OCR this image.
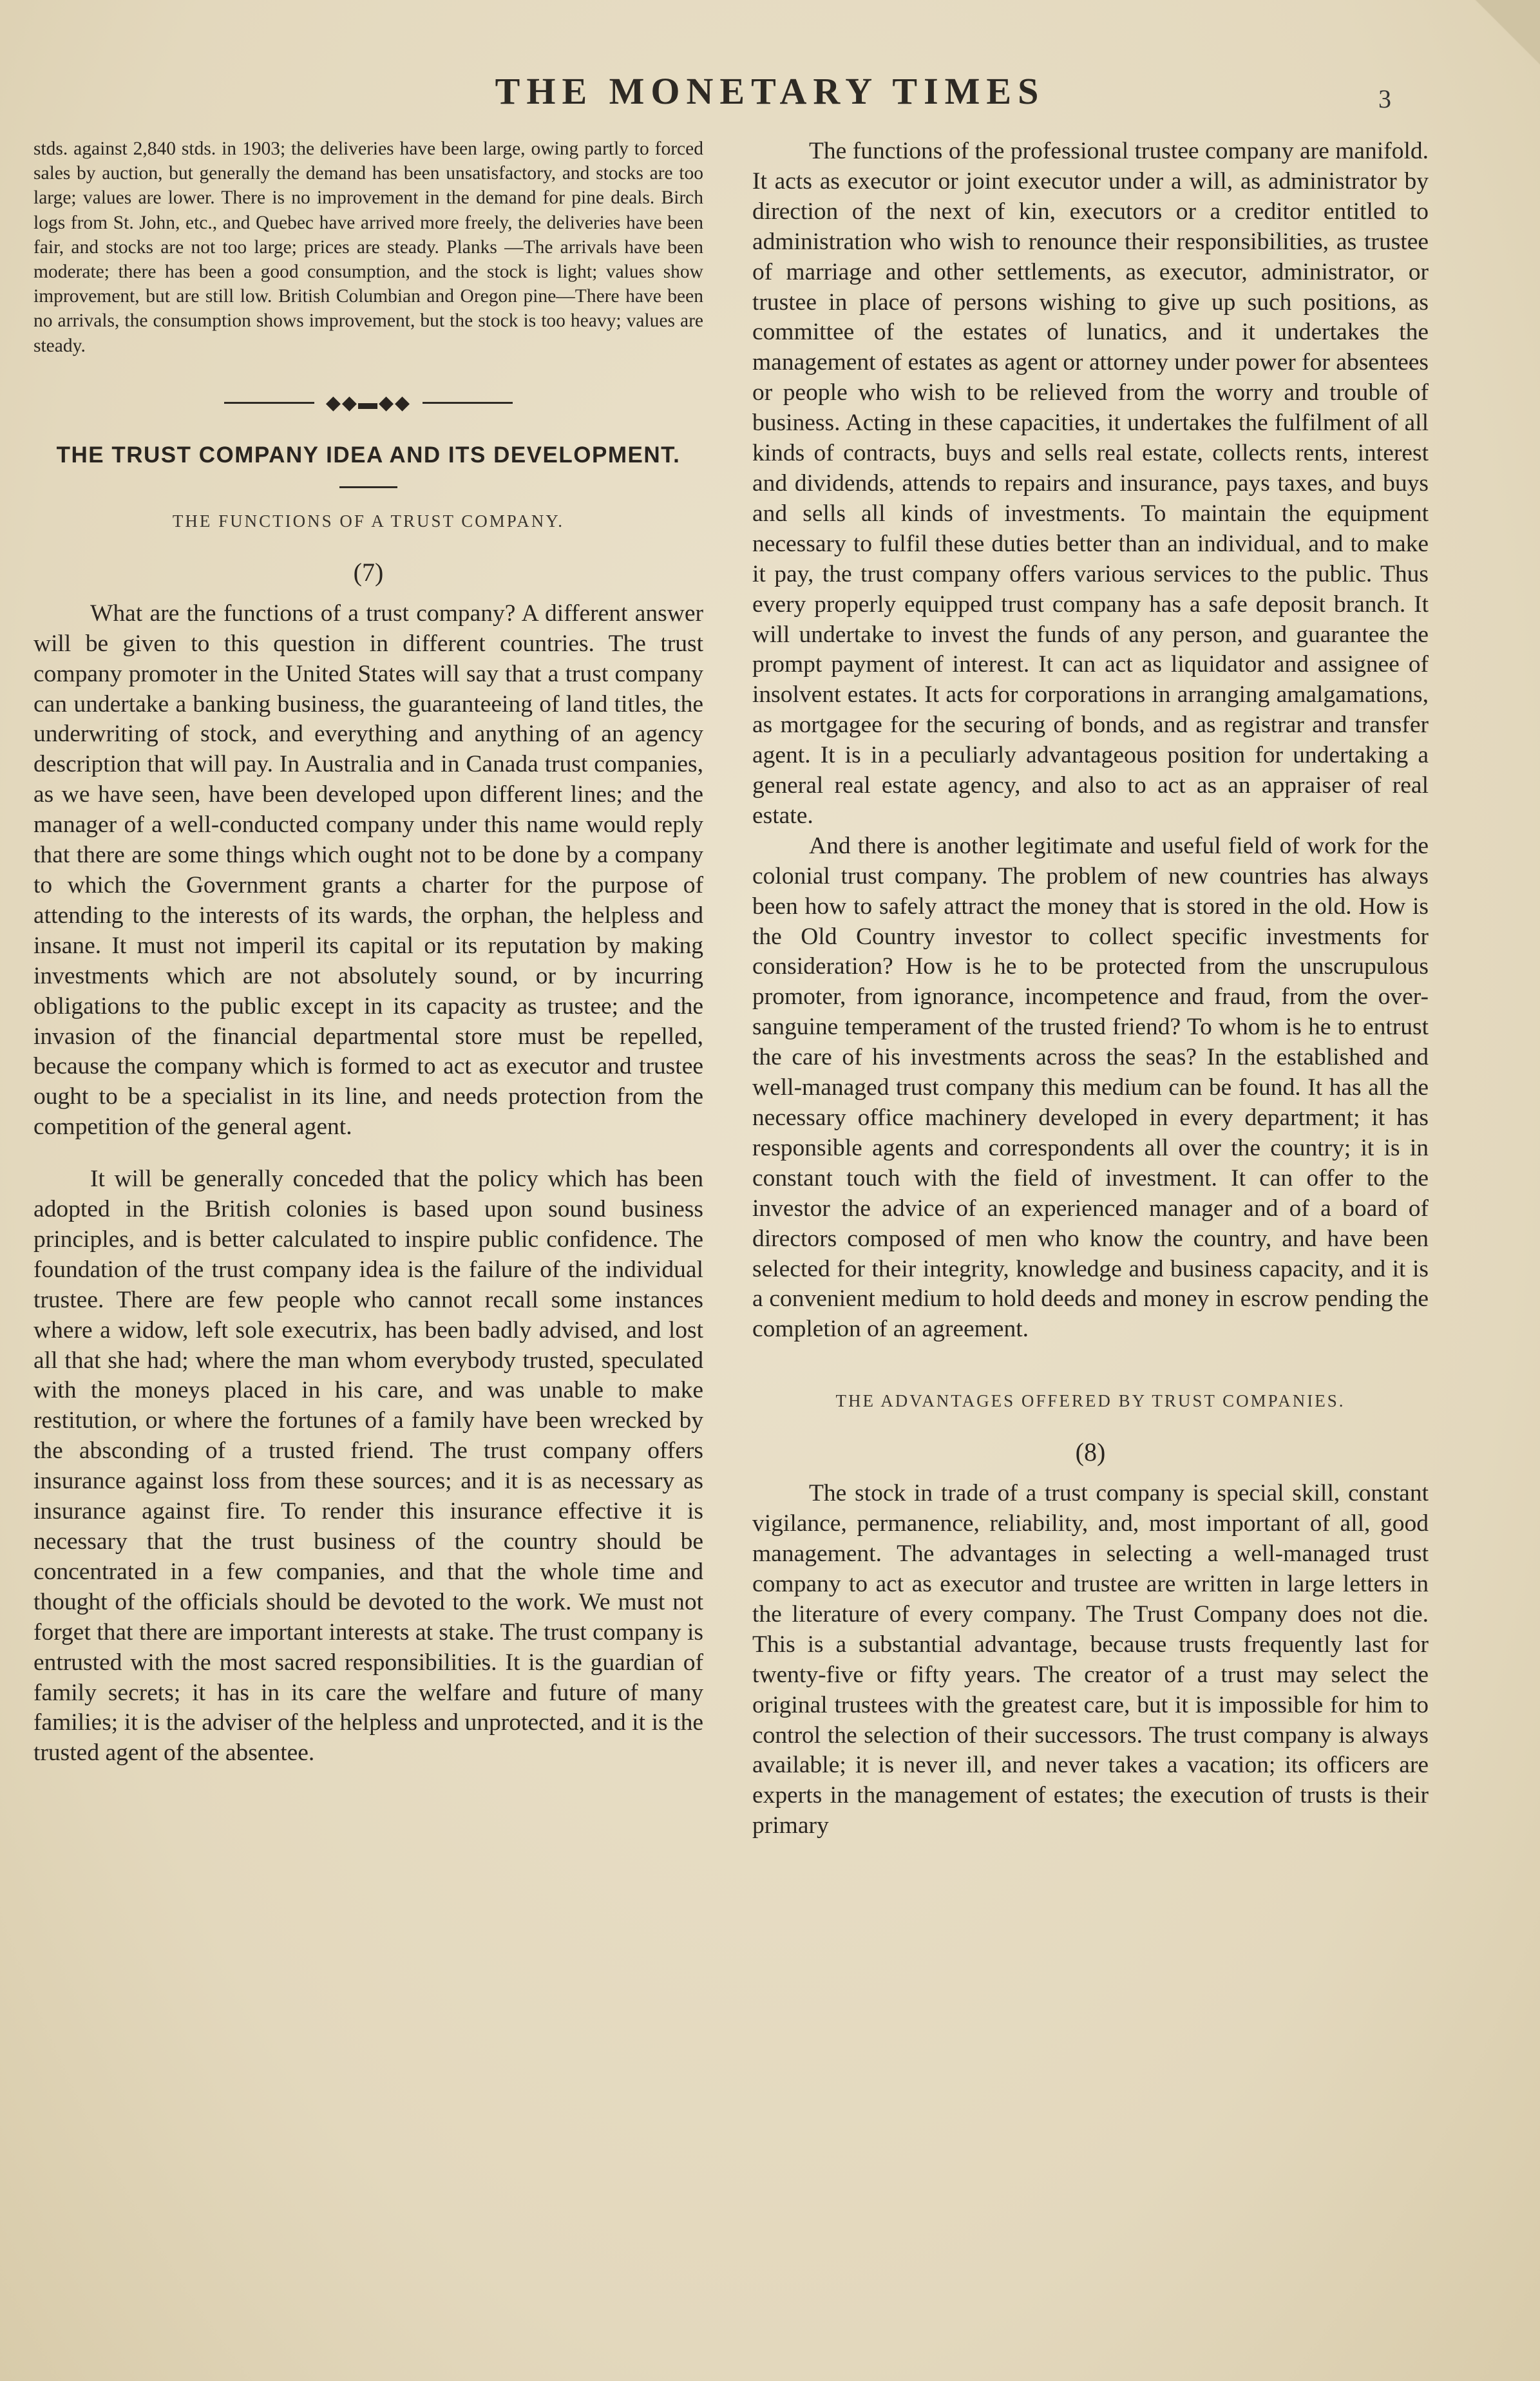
THE MONETARY TIMES	3

stds. against 2,840 stds. in 1903; the deliveries have been large, owing partly to forced sales by auction, but generally the demand has been unsatisfactory, and stocks are too large; values are lower. There is no improvement in the demand for pine deals. Birch logs from St. John, etc., and Quebec have arrived more freely, the deliveries have been fair, and stocks are not too large; prices are steady. Planks —The arrivals have been moderate; there has been a good consumption, and the stock is light; values show improvement, but are still low. British Columbian and Oregon pine—There have been no arrivals, the consumption shows improvement, but the stock is too heavy; values are steady.

◆◆▬◆◆
THE TRUST COMPANY IDEA AND ITS DEVELOPMENT.
THE FUNCTIONS OF A TRUST COMPANY.
(7)

What are the functions of a trust company? A different answer will be given to this question in different countries. The trust company promoter in the United States will say that a trust company can undertake a banking business, the guaranteeing of land titles, the underwriting of stock, and everything and anything of an agency description that will pay. In Australia and in Canada trust companies, as we have seen, have been developed upon different lines; and the manager of a well-conducted company under this name would reply that there are some things which ought not to be done by a company to which the Government grants a charter for the purpose of attending to the interests of its wards, the orphan, the helpless and insane. It must not imperil its capital or its reputation by making investments which are not absolutely sound, or by incurring obligations to the public except in its capacity as trustee; and the invasion of the financial departmental store must be repelled, because the company which is formed to act as executor and trustee ought to be a specialist in its line, and needs protection from the competition of the general agent.

It will be generally conceded that the policy which has been adopted in the British colonies is based upon sound business principles, and is better calculated to inspire public confidence. The foundation of the trust company idea is the failure of the individual trustee. There are few people who cannot recall some instances where a widow, left sole executrix, has been badly advised, and lost all that she had; where the man whom everybody trusted, speculated with the moneys placed in his care, and was unable to make restitution, or where the fortunes of a family have been wrecked by the absconding of a trusted friend. The trust company offers insurance against loss from these sources; and it is as necessary as insurance against fire. To render this insurance effective it is necessary that the trust business of the country should be concentrated in a few companies, and that the whole time and thought of the officials should be devoted to the work. We must not forget that there are important interests at stake. The trust company is entrusted with the most sacred responsibilities. It is the guardian of family secrets; it has in its care the welfare and future of many families; it is the adviser of the helpless and unprotected, and it is the trusted agent of the absentee.

The functions of the professional trustee company are manifold. It acts as executor or joint executor under a will, as administrator by direction of the next of kin, executors or a creditor entitled to administration who wish to renounce their responsibilities, as trustee of marriage and other settlements, as executor, administrator, or trustee in place of persons wishing to give up such positions, as committee of the estates of lunatics, and it undertakes the management of estates as agent or attorney under power for absentees or people who wish to be relieved from the worry and trouble of business. Acting in these capacities, it undertakes the fulfilment of all kinds of contracts, buys and sells real estate, collects rents, interest and dividends, attends to repairs and insurance, pays taxes, and buys and sells all kinds of investments. To maintain the equipment necessary to fulfil these duties better than an individual, and to make it pay, the trust company offers various services to the public. Thus every properly equipped trust company has a safe deposit branch. It will undertake to invest the funds of any person, and guarantee the prompt payment of interest. It can act as liquidator and assignee of insolvent estates. It acts for corporations in arranging amalgamations, as mortgagee for the securing of bonds, and as registrar and transfer agent. It is in a peculiarly advantageous position for undertaking a general real estate agency, and also to act as an appraiser of real estate.

And there is another legitimate and useful field of work for the colonial trust company. The problem of new countries has always been how to safely attract the money that is stored in the old. How is the Old Country investor to collect specific investments for consideration? How is he to be protected from the unscrupulous promoter, from ignorance, incompetence and fraud, from the over-sanguine temperament of the trusted friend? To whom is he to entrust the care of his investments across the seas? In the established and well-managed trust company this medium can be found. It has all the necessary office machinery developed in every department; it has responsible agents and correspondents all over the country; it is in constant touch with the field of investment. It can offer to the investor the advice of an experienced manager and of a board of directors composed of men who know the country, and have been selected for their integrity, knowledge and business capacity, and it is a convenient medium to hold deeds and money in escrow pending the completion of an agreement.

THE ADVANTAGES OFFERED BY TRUST COMPANIES.
(8)

The stock in trade of a trust company is special skill, constant vigilance, permanence, reliability, and, most important of all, good management. The advantages in selecting a well-managed trust company to act as executor and trustee are written in large letters in the literature of every company. The Trust Company does not die. This is a substantial advantage, because trusts frequently last for twenty-five or fifty years. The creator of a trust may select the original trustees with the greatest care, but it is impossible for him to control the selection of their successors. The trust company is always available; it is never ill, and never takes a vacation; its officers are experts in the management of estates; the execution of trusts is their primary
